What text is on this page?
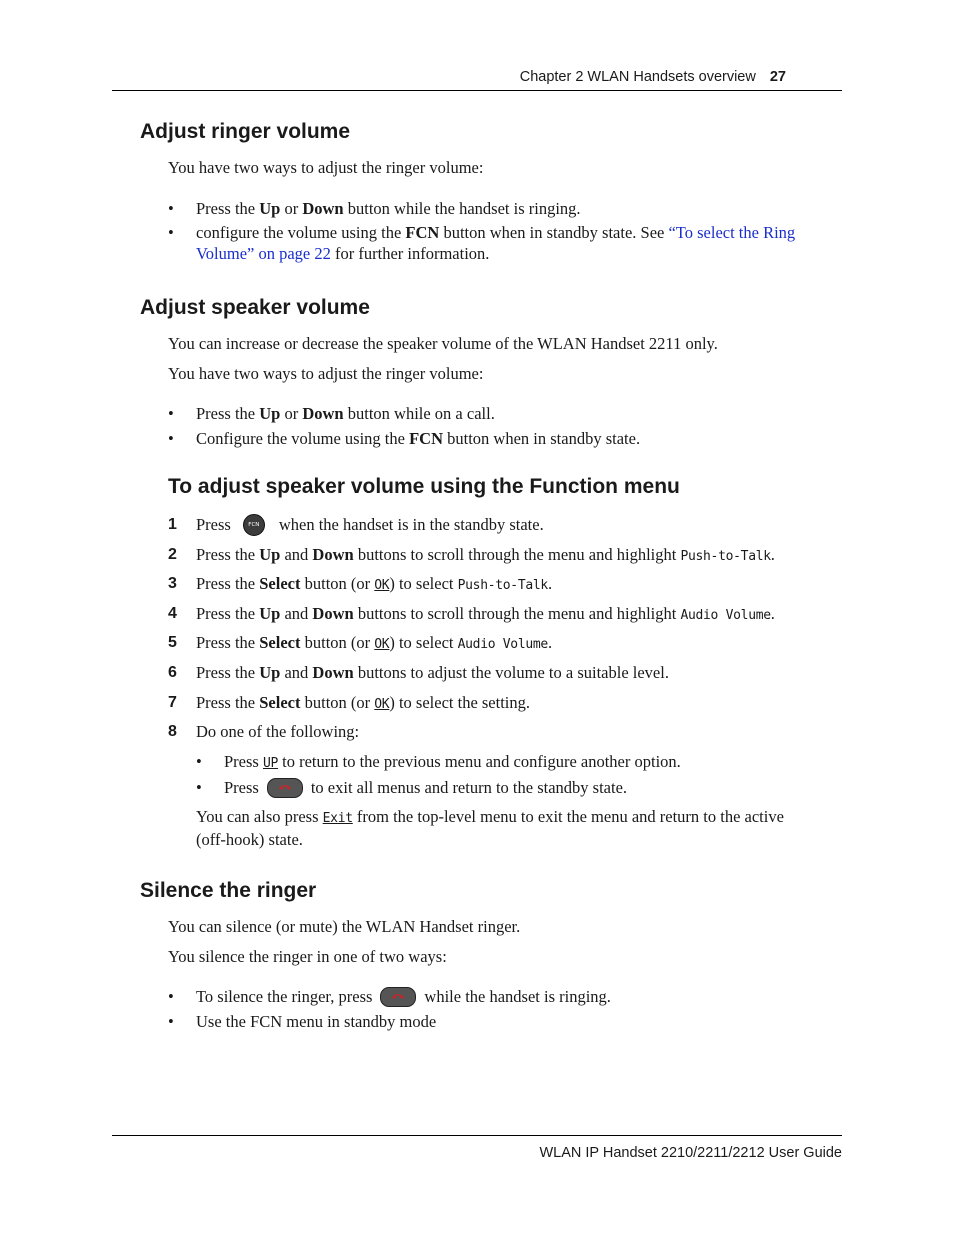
Chapter 2 WLAN Handsets overview 27
Adjust ringer volume

You have two ways to adjust the ringer volume:

• Press the Up or Down button while the handset is ringing.
• configure the volume using the FCN button when in standby state. See “To select the Ring
Volume” on page 22 for further information.
Adjust speaker volume

You can increase or decrease the speaker volume of the WLAN Handset 2211 only.

You have two ways to adjust the ringer volume:

• Press the Up or Down button while on a call.
• Configure the volume using the FCN button when in standby state.
To adjust speaker volume using the Function menu
1 Press	FCN when the handset is in the standby state.
2 Press the Up and Down buttons to scroll through the menu and highlight Push-to-Talk.
3 Press the Select button (or OK) to select Push-to-Talk.
4 Press the Up and Down buttons to scroll through the menu and highlight Audio Volume.
5 Press the Select button (or OK) to select Audio Volume.
6 Press the Up and Down buttons to adjust the volume to a suitable level.
7 Press the Select button (or OK) to select the setting.
8 Do one of the following:
• Press UP to return to the previous menu and configure another option.
• Press	to exit all menus and return to the standby state.
You can also press Exit from the top-level menu to exit the menu and return to the active
(off-hook) state.
Silence the ringer

You can silence (or mute) the WLAN Handset ringer.

You silence the ringer in one of two ways:

• To silence the ringer, press	while the handset is ringing.
• Use the FCN menu in standby mode
WLAN IP Handset 2210/2211/2212 User Guide
